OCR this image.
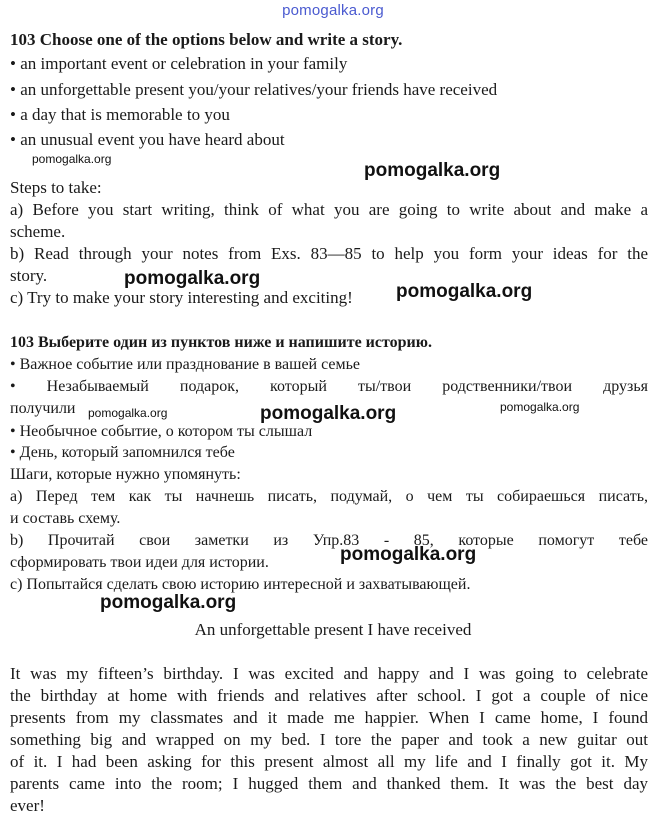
pomogalka.org
103 Choose one of the options below and write a story.
• an important event or celebration in your family
• an unforgettable present you/your relatives/your friends have received
• a day that is memorable to you
• an unusual event you have heard about
pomogalka.org
pomogalka.org
Steps to take:
a) Before you start writing, think of what you are going to write about and make a
scheme.
b) Read through your notes from Exs. 83—85 to help you form your ideas for the
story.	pomogalka.org
c) Try to make your story interesting and exciting! pomogalka.org
103 Выберите один из пунктов ниже и напишите историю.
• Важное событие или празднование в вашей семье
• Незабываемый подарок, который ты/твои родственники/твои друзья
получили pomogalka.org	pomogalka.org	pomogalka.org
• Необычное событие, о котором ты слышал
• День, который запомнился тебе
Шаги, которые нужно упомянуть:
а) Перед тем как ты начнешь писать, подумай, о чем ты собираешься писать,
и составь схему.
b) Прочитай свои заметки из Упр.83 - 85, которые помогут тебе
сформировать твои идеи для истории.	pomogalka.org
с) Попытайся сделать свою историю интересной и захватывающей.
pomogalka.org
An unforgettable present I have received
It was my fifteen’s birthday. I was excited and happy and I was going to celebrate
the birthday at home with friends and relatives after school. I got a couple of nice
presents from my classmates and it made me happier. When I came home, I found
something big and wrapped on my bed. I tore the paper and took a new guitar out
of it. I had been asking for this present almost all my life and I finally got it. My
parents came into the room; I hugged them and thanked them. It was the best day
ever!
